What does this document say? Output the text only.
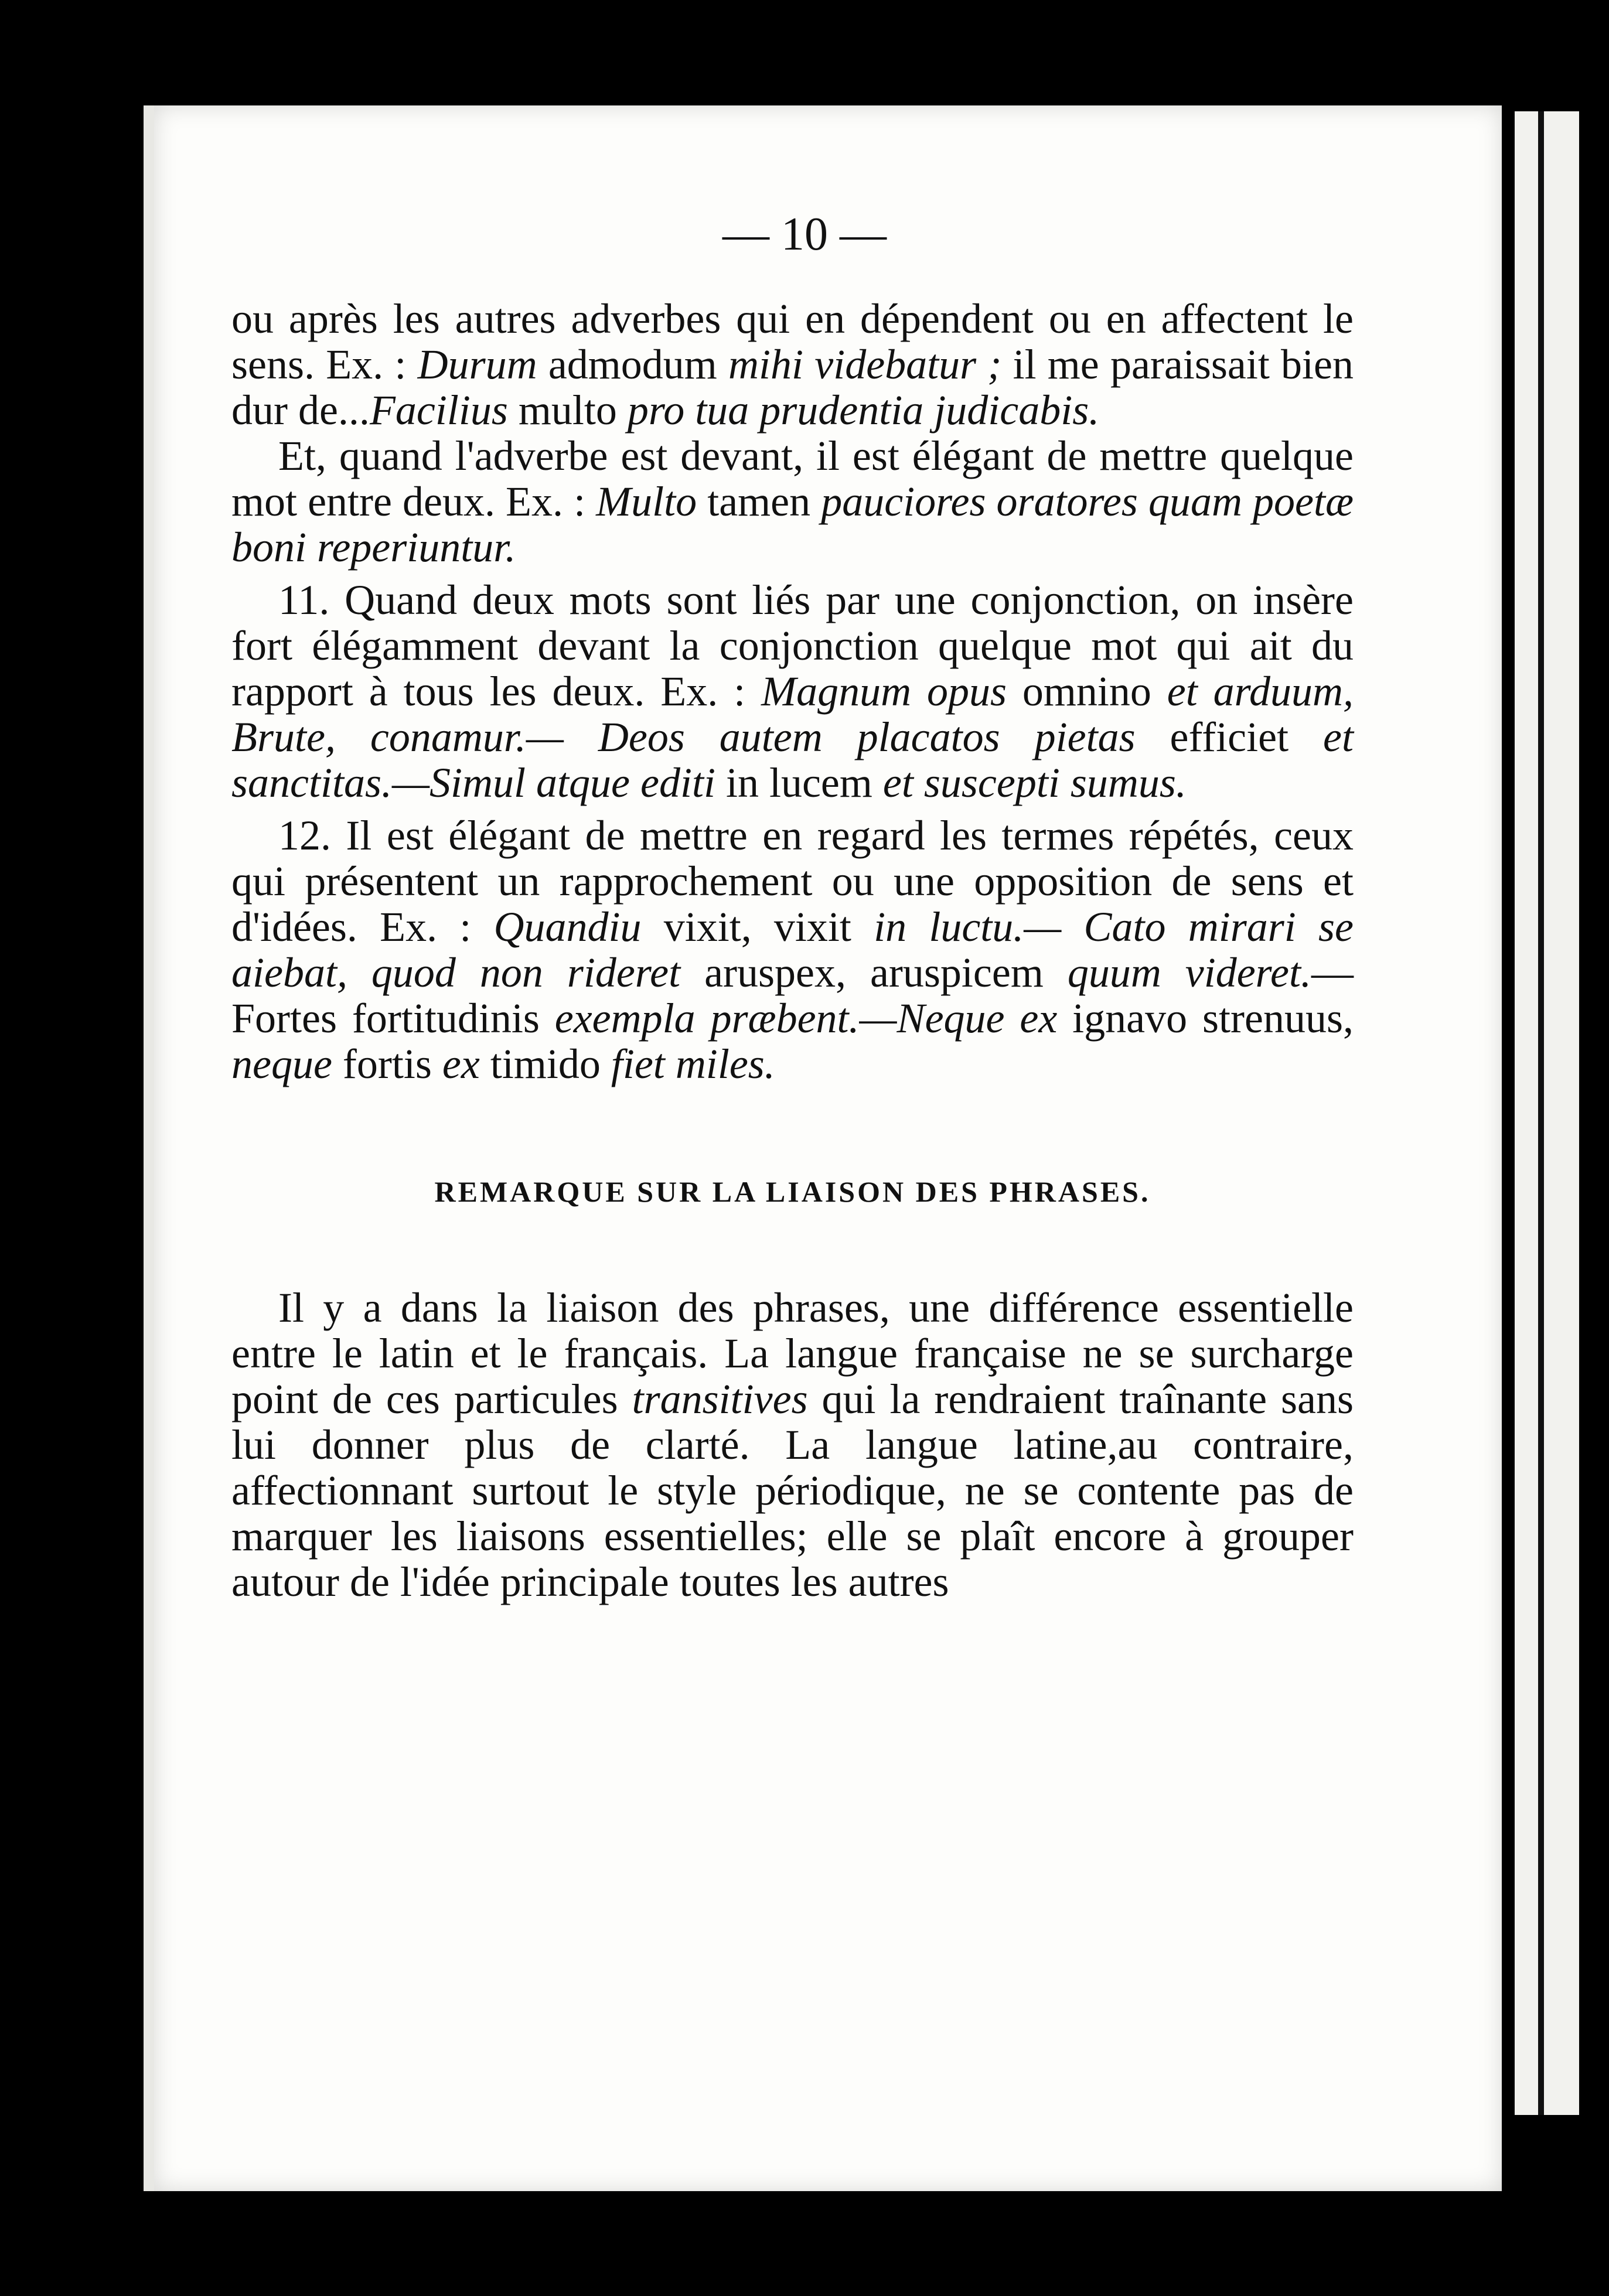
— 10 —

ou après les autres adverbes qui en dépendent ou en affectent le sens. Ex. : Durum admodum mihi videbatur ; il me paraissait bien dur de...Facilius multo pro tua prudentia judicabis.

Et, quand l'adverbe est devant, il est élégant de mettre quelque mot entre deux. Ex. : Multo tamen pauciores oratores quam poetæ boni reperiuntur.

11. Quand deux mots sont liés par une conjonction, on insère fort élégamment devant la conjonction quelque mot qui ait du rapport à tous les deux. Ex. : Magnum opus omnino et arduum, Brute, conamur.— Deos autem placatos pietas efficiet et sanctitas.—Simul atque editi in lucem et suscepti sumus.

12. Il est élégant de mettre en regard les termes répétés, ceux qui présentent un rapprochement ou une opposition de sens et d'idées. Ex. : Quandiu vixit, vixit in luctu.— Cato mirari se aiebat, quod non rideret aruspex, aruspicem quum videret.—Fortes fortitudinis exempla præbent.—Neque ex ignavo strenuus, neque fortis ex timido fiet miles.

REMARQUE SUR LA LIAISON DES PHRASES.

Il y a dans la liaison des phrases, une différence essentielle entre le latin et le français. La langue française ne se surcharge point de ces particules transitives qui la rendraient traînante sans lui donner plus de clarté. La langue latine,au contraire, affectionnant surtout le style périodique, ne se contente pas de marquer les liaisons essentielles; elle se plaît encore à grouper autour de l'idée principale toutes les autres
